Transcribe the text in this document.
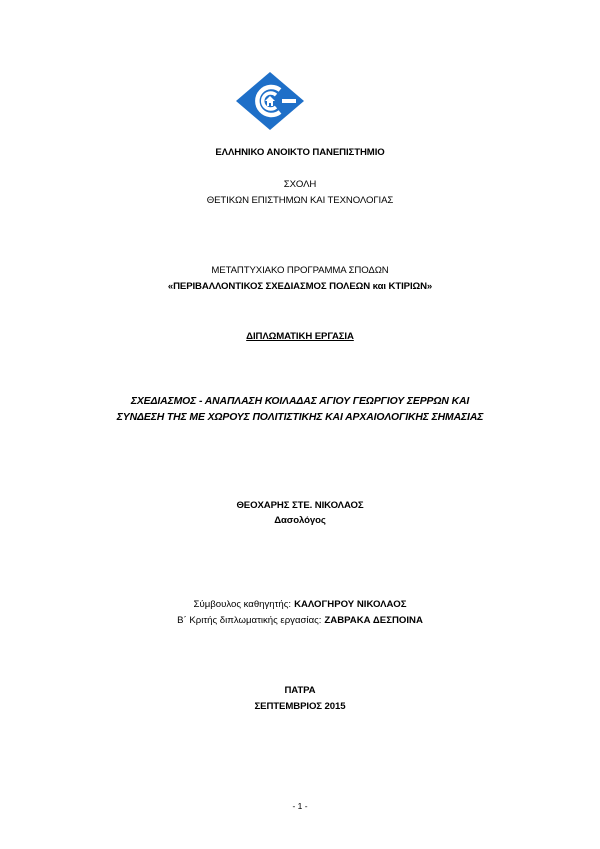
ΕΛΛΗΝΙΚΟ ΑΝΟΙΚΤΟ ΠΑΝΕΠΙΣΤΗΜΙΟ
ΣΧΟΛΗ
ΘΕΤΙΚΩΝ ΕΠΙΣΤΗΜΩΝ ΚΑΙ ΤΕΧΝΟΛΟΓΙΑΣ
ΜΕΤΑΠΤΥΧΙΑΚΟ ΠΡΟΓΡΑΜΜΑ ΣΠΟΔΩΝ
«ΠΕΡΙΒΑΛΛΟΝΤΙΚΟΣ ΣΧΕΔΙΑΣΜΟΣ ΠΟΛΕΩΝ και ΚΤΙΡΙΩΝ»
ΔΙΠΛΩΜΑΤΙΚΗ ΕΡΓΑΣΙΑ
ΣΧΕΔΙΑΣΜΟΣ - ΑΝΑΠΛΑΣΗ ΚΟΙΛΑΔΑΣ ΑΓΙΟΥ ΓΕΩΡΓΙΟΥ ΣΕΡΡΩΝ ΚΑΙ
ΣΥΝΔΕΣΗ ΤΗΣ ΜΕ ΧΩΡΟΥΣ ΠΟΛΙΤΙΣΤΙΚΗΣ ΚΑΙ ΑΡΧΑΙΟΛΟΓΙΚΗΣ ΣΗΜΑΣΙΑΣ
ΘΕΟΧΑΡΗΣ ΣΤΕ. ΝΙΚΟΛΑΟΣ
Δασολόγος
Σύμβουλος καθηγητής: ΚΑΛΟΓΗΡΟΥ ΝΙΚΟΛΑΟΣ
Β΄ Κριτής διπλωματικής εργασίας: ΖΑΒΡΑΚΑ ΔΕΣΠΟΙΝΑ
ΠΑΤΡΑ
ΣΕΠΤΕΜΒΡΙΟΣ 2015
- 1 -
